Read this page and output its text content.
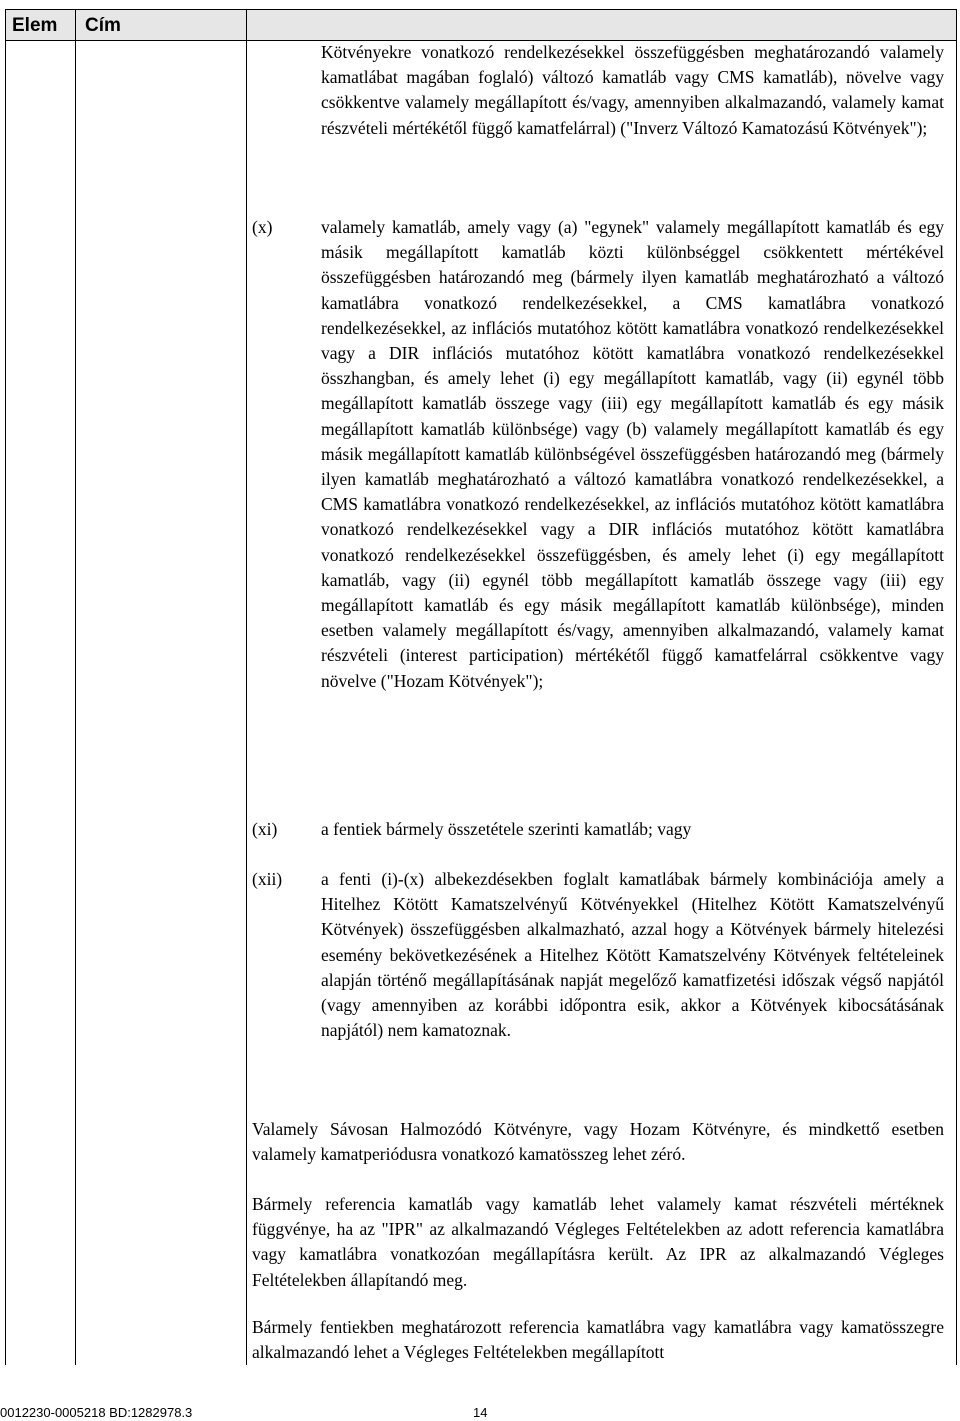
Elem Cím
Kötvényekre vonatkozó rendelkezésekkel összefüggésben meghatározandó valamely kamatlábat magában foglaló) változó kamatláb vagy CMS kamatláb), növelve vagy csökkentve valamely megállapított és/vagy, amennyiben alkalmazandó, valamely kamat részvételi mértékétől függő kamatfelárral) ("Inverz Változó Kamatozású Kötvények");
(x)	valamely kamatláb, amely vagy (a) "egynek" valamely megállapított kamatláb és egy másik megállapított kamatláb közti különbséggel csökkentett mértékével összefüggésben határozandó meg (bármely ilyen kamatláb meghatározható a változó kamatlábra vonatkozó rendelkezésekkel, a CMS kamatlábra vonatkozó rendelkezésekkel, az inflációs mutatóhoz kötött kamatlábra vonatkozó rendelkezésekkel vagy a DIR inflációs mutatóhoz kötött kamatlábra vonatkozó rendelkezésekkel összhangban, és amely lehet (i) egy megállapított kamatláb, vagy (ii) egynél több megállapított kamatláb összege vagy (iii) egy megállapított kamatláb és egy másik megállapított kamatláb különbsége) vagy (b) valamely megállapított kamatláb és egy másik megállapított kamatláb különbségével összefüggésben határozandó meg (bármely ilyen kamatláb meghatározható a változó kamatlábra vonatkozó rendelkezésekkel, a CMS kamatlábra vonatkozó rendelkezésekkel, az inflációs mutatóhoz kötött kamatlábra vonatkozó rendelkezésekkel vagy a DIR inflációs mutatóhoz kötött kamatlábra vonatkozó rendelkezésekkel összefüggésben, és amely lehet (i) egy megállapított kamatláb, vagy (ii) egynél több megállapított kamatláb összege vagy (iii) egy megállapított kamatláb és egy másik megállapított kamatláb különbsége), minden esetben valamely megállapított és/vagy, amennyiben alkalmazandó, valamely kamat részvételi (interest participation) mértékétől függő kamatfelárral csökkentve vagy növelve ("Hozam Kötvények");
(xi)	a fentiek bármely összetétele szerinti kamatláb; vagy
(xii)	a fenti (i)-(x) albekezdésekben foglalt kamatlábak bármely kombinációja amely a Hitelhez Kötött Kamatszelvényű Kötvényekkel (Hitelhez Kötött Kamatszelvényű Kötvények) összefüggésben alkalmazható, azzal hogy a Kötvények bármely hitelezési esemény bekövetkezésének a Hitelhez Kötött Kamatszelvény Kötvények feltételeinek alapján történő megállapításának napját megelőző kamatfizetési időszak végső napjától (vagy amennyiben az korábbi időpontra esik, akkor a Kötvények kibocsátásának napjától) nem kamatoznak.
Valamely Sávosan Halmozódó Kötvényre, vagy Hozam Kötvényre, és mindkettő esetben valamely kamatperiódusra vonatkozó kamatösszeg lehet zéró.
Bármely referencia kamatláb vagy kamatláb lehet valamely kamat részvételi mértéknek függvénye, ha az "IPR" az alkalmazandó Végleges Feltételekben az adott referencia kamatlábra vagy kamatlábra vonatkozóan megállapításra került. Az IPR az alkalmazandó Végleges Feltételekben állapítandó meg.
Bármely fentiekben meghatározott referencia kamatlábra vagy kamatlábra vagy kamatösszegre alkalmazandó lehet a Végleges Feltételekben megállapított
0012230-0005218 BD:1282978.3	14
